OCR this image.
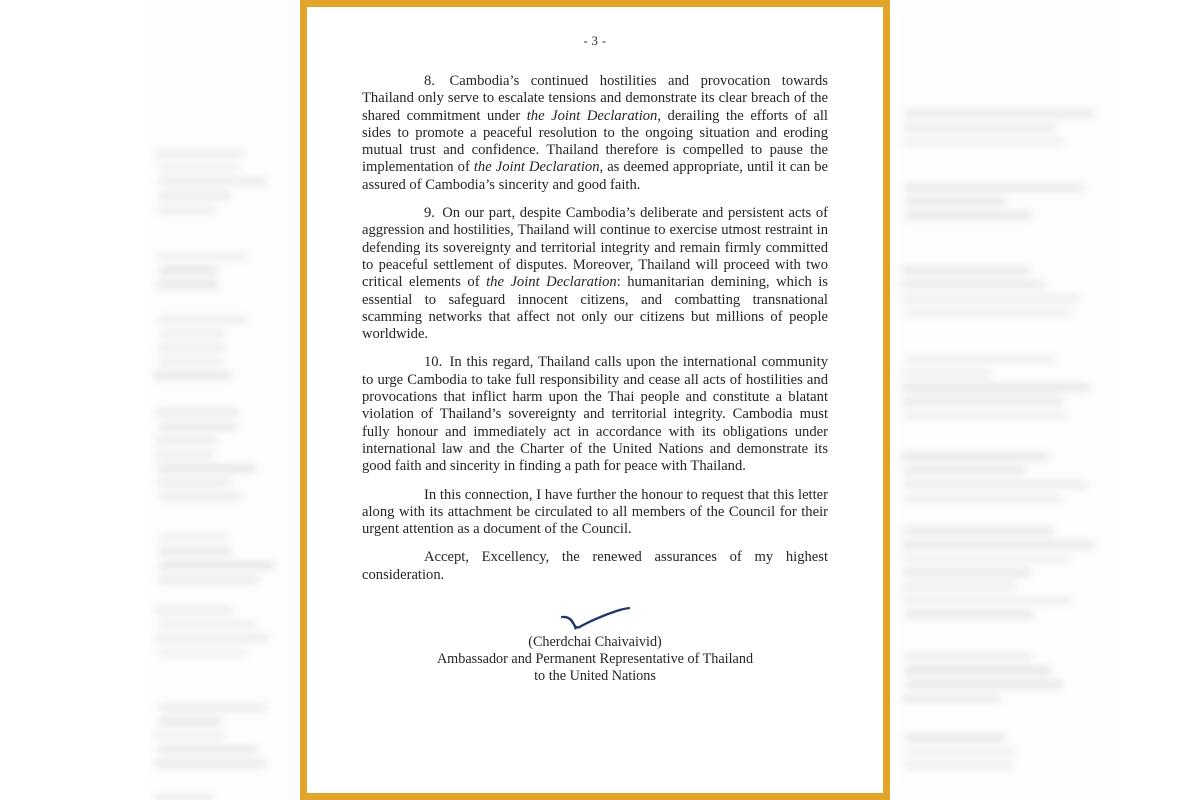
- 3 -

8. Cambodia’s continued hostilities and provocation towards Thailand only serve to escalate tensions and demonstrate its clear breach of the shared commitment under the Joint Declaration, derailing the efforts of all sides to promote a peaceful resolution to the ongoing situation and eroding mutual trust and confidence. Thailand therefore is compelled to pause the implementation of the Joint Declaration, as deemed appropriate, until it can be assured of Cambodia’s sincerity and good faith.

9. On our part, despite Cambodia’s deliberate and persistent acts of aggression and hostilities, Thailand will continue to exercise utmost restraint in defending its sovereignty and territorial integrity and remain firmly committed to peaceful settlement of disputes. Moreover, Thailand will proceed with two critical elements of the Joint Declaration: humanitarian demining, which is essential to safeguard innocent citizens, and combatting transnational scamming networks that affect not only our citizens but millions of people worldwide.

10. In this regard, Thailand calls upon the international community to urge Cambodia to take full responsibility and cease all acts of hostilities and provocations that inflict harm upon the Thai people and constitute a blatant violation of Thailand’s sovereignty and territorial integrity. Cambodia must fully honour and immediately act in accordance with its obligations under international law and the Charter of the United Nations and demonstrate its good faith and sincerity in finding a path for peace with Thailand.

In this connection, I have further the honour to request that this letter along with its attachment be circulated to all members of the Council for their urgent attention as a document of the Council.

Accept, Excellency, the renewed assurances of my highest consideration.

(Cherdchai Chaivaivid)
Ambassador and Permanent Representative of Thailand
to the United Nations
